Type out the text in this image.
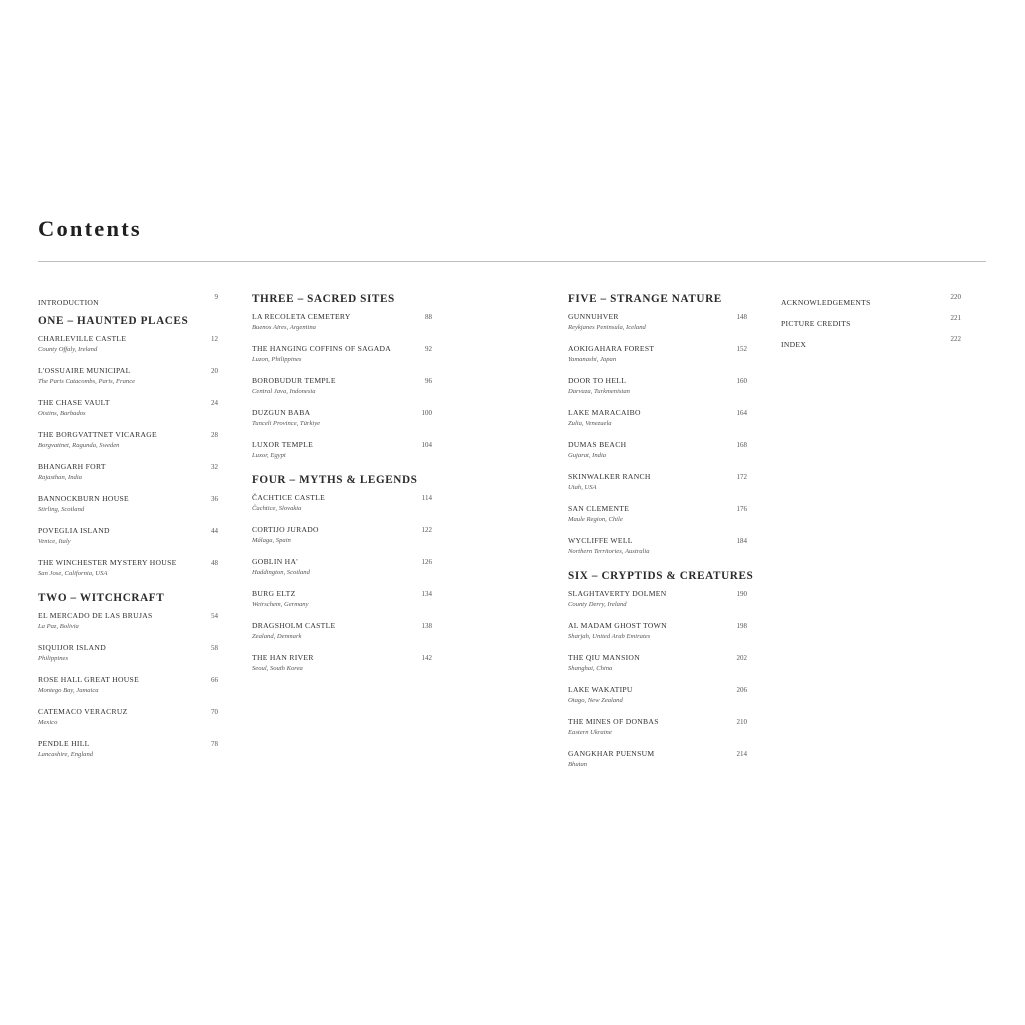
Contents
INTRODUCTION
9
ONE – HAUNTED PLACES
CHARLEVILLE CASTLE
County Offaly, Ireland
12
L'OSSUAIRE MUNICIPAL
The Paris Catacombs, Paris, France
20
THE CHASE VAULT
Oistins, Barbados
24
THE BORGVATTNET VICARAGE
Borgvattnet, Ragunda, Sweden
28
BHANGARH FORT
Rajasthan, India
32
BANNOCKBURN HOUSE
Stirling, Scotland
36
POVEGLIA ISLAND
Venice, Italy
44
THE WINCHESTER MYSTERY HOUSE
San Jose, California, USA
48
TWO – WITCHCRAFT
EL MERCADO DE LAS BRUJAS
La Paz, Bolivia
54
SIQUIJOR ISLAND
Philippines
58
ROSE HALL GREAT HOUSE
Montego Bay, Jamaica
66
CATEMACO VERACRUZ
Mexico
70
PENDLE HILL
Lancashire, England
78
THREE – SACRED SITES
LA RECOLETA CEMETERY
Buenos Aires, Argentina
88
THE HANGING COFFINS OF SAGADA
Luzon, Philippines
92
BOROBUDUR TEMPLE
Central Java, Indonesia
96
DUZGUN BABA
Tunceli Province, Türkiye
100
LUXOR TEMPLE
Luxor, Egypt
104
FOUR – MYTHS & LEGENDS
ČACHTICE CASTLE
Čachtice, Slovakia
114
CORTIJO JURADO
Málaga, Spain
122
GOBLIN HA'
Haddington, Scotland
126
BURG ELTZ
Weirschem, Germany
134
DRAGSHOLM CASTLE
Zealand, Denmark
138
THE HAN RIVER
Seoul, South Korea
142
FIVE – STRANGE NATURE
GUNNUHVER
Reykjanes Peninsula, Iceland
148
AOKIGAHARA FOREST
Yamanashi, Japan
152
DOOR TO HELL
Darvaza, Turkmenistan
160
LAKE MARACAIBO
Zulia, Venezuela
164
DUMAS BEACH
Gujarat, India
168
SKINWALKER RANCH
Utah, USA
172
SAN CLEMENTE
Maule Region, Chile
176
WYCLIFFE WELL
Northern Territories, Australia
184
SIX – CRYPTIDS & CREATURES
SLAGHTAVERTY DOLMEN
County Derry, Ireland
190
AL MADAM GHOST TOWN
Sharjah, United Arab Emirates
198
THE QIU MANSION
Shanghai, China
202
LAKE WAKATIPU
Otago, New Zealand
206
THE MINES OF DONBAS
Eastern Ukraine
210
GANGKHAR PUENSUM
Bhutan
214
ACKNOWLEDGEMENTS
220
PICTURE CREDITS
221
INDEX
222
